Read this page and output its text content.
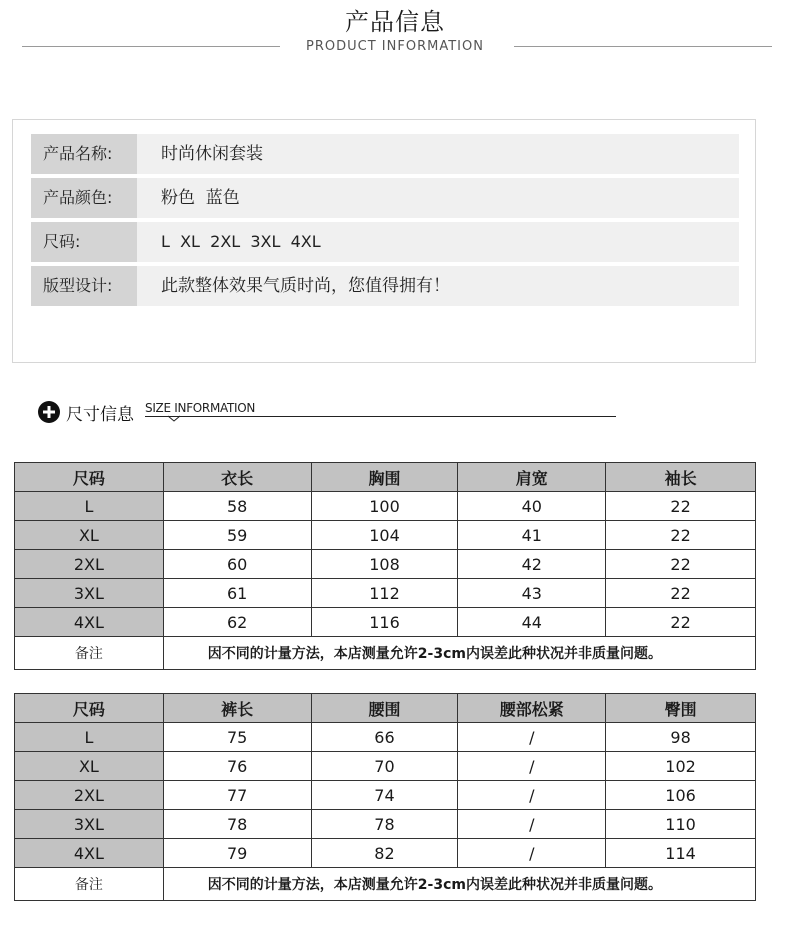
产品信息
PRODUCT INFORMATION
产品名称:	时尚休闲套装
产品颜色:	粉色  蓝色
尺码:	L  XL  2XL  3XL  4XL
版型设计:	此款整体效果气质时尚，您值得拥有！
尺寸信息 SIZE INFORMATION
尺码	衣长	胸围	肩宽	袖长
L	58	100	40	22
XL	59	104	41	22
2XL	60	108	42	22
3XL	61	112	43	22
4XL	62	116	44	22
备注	因不同的计量方法，本店测量允许2-3cm内误差此种状况并非质量问题。			
尺码	裤长	腰围	腰部松紧	臀围
L	75	66	/	98
XL	76	70	/	102
2XL	77	74	/	106
3XL	78	78	/	110
4XL	79	82	/	114
备注	因不同的计量方法，本店测量允许2-3cm内误差此种状况并非质量问题。			
